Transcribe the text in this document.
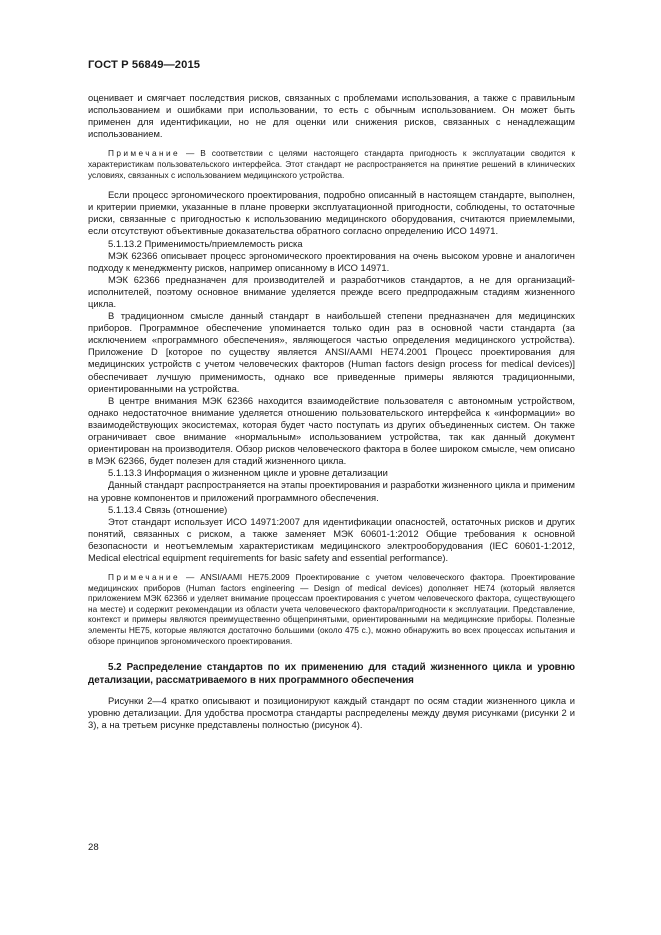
ГОСТ Р 56849—2015

оценивает и смягчает последствия рисков, связанных с проблемами использования, а также с правильным использованием и ошибками при использовании, то есть с обычным использованием. Он может быть применен для идентификации, но не для оценки или снижения рисков, связанных с ненадлежащим использованием.

Примечание — В соответствии с целями настоящего стандарта пригодность к эксплуатации сводится к характеристикам пользовательского интерфейса. Этот стандарт не распространяется на принятие решений в клинических условиях, связанных с использованием медицинского устройства.

Если процесс эргономического проектирования, подробно описанный в настоящем стандарте, выполнен, и критерии приемки, указанные в плане проверки эксплуатационной пригодности, соблюдены, то остаточные риски, связанные с пригодностью к использованию медицинского оборудования, считаются приемлемыми, если отсутствуют объективные доказательства обратного согласно определению ИСО 14971.

5.1.13.2 Применимость/приемлемость риска

МЭК 62366 описывает процесс эргономического проектирования на очень высоком уровне и аналогичен подходу к менеджменту рисков, например описанному в ИСО 14971.

МЭК 62366 предназначен для производителей и разработчиков стандартов, а не для организаций-исполнителей, поэтому основное внимание уделяется прежде всего предпродажным стадиям жизненного цикла.

В традиционном смысле данный стандарт в наибольшей степени предназначен для медицинских приборов. Программное обеспечение упоминается только один раз в основной части стандарта (за исключением «программного обеспечения», являющегося частью определения медицинского устройства). Приложение D [которое по существу является ANSI/AAMI HE74.2001 Процесс проектирования для медицинских устройств с учетом человеческих факторов (Human factors design process for medical devices)] обеспечивает лучшую применимость, однако все приведенные примеры являются традиционными, ориентированными на устройства.

В центре внимания МЭК 62366 находится взаимодействие пользователя с автономным устройством, однако недостаточное внимание уделяется отношению пользовательского интерфейса к «информации» во взаимодействующих экосистемах, которая будет часто поступать из других объединенных систем. Он также ограничивает свое внимание «нормальным» использованием устройства, так как данный документ ориентирован на производителя. Обзор рисков человеческого фактора в более широком смысле, чем описано в МЭК 62366, будет полезен для стадий жизненного цикла.

5.1.13.3 Информация о жизненном цикле и уровне детализации

Данный стандарт распространяется на этапы проектирования и разработки жизненного цикла и применим на уровне компонентов и приложений программного обеспечения.

5.1.13.4 Связь (отношение)

Этот стандарт использует ИСО 14971:2007 для идентификации опасностей, остаточных рисков и других понятий, связанных с риском, а также заменяет МЭК 60601-1:2012 Общие требования к основной безопасности и неотъемлемым характеристикам медицинского электрооборудования (IEC 60601-1:2012, Medical electrical equipment requirements for basic safety and essential performance).

Примечание — ANSI/AAMI HE75.2009 Проектирование с учетом человеческого фактора. Проектирование медицинских приборов (Human factors engineering — Design of medical devices) дополняет HE74 (который является приложением МЭК 62366 и уделяет внимание процессам проектирования с учетом человеческого фактора, существующего на месте) и содержит рекомендации из области учета человеческого фактора/пригодности к эксплуатации. Представление, контекст и примеры являются преимущественно общепринятыми, ориентированными на медицинские приборы. Полезные элементы HE75, которые являются достаточно большими (около 475 с.), можно обнаружить во всех процессах испытания и обзоре принципов эргономического проектирования.

5.2 Распределение стандартов по их применению для стадий жизненного цикла и уровню детализации, рассматриваемого в них программного обеспечения

Рисунки 2—4 кратко описывают и позиционируют каждый стандарт по осям стадии жизненного цикла и уровню детализации. Для удобства просмотра стандарты распределены между двумя рисунками (рисунки 2 и 3), а на третьем рисунке представлены полностью (рисунок 4).

28
